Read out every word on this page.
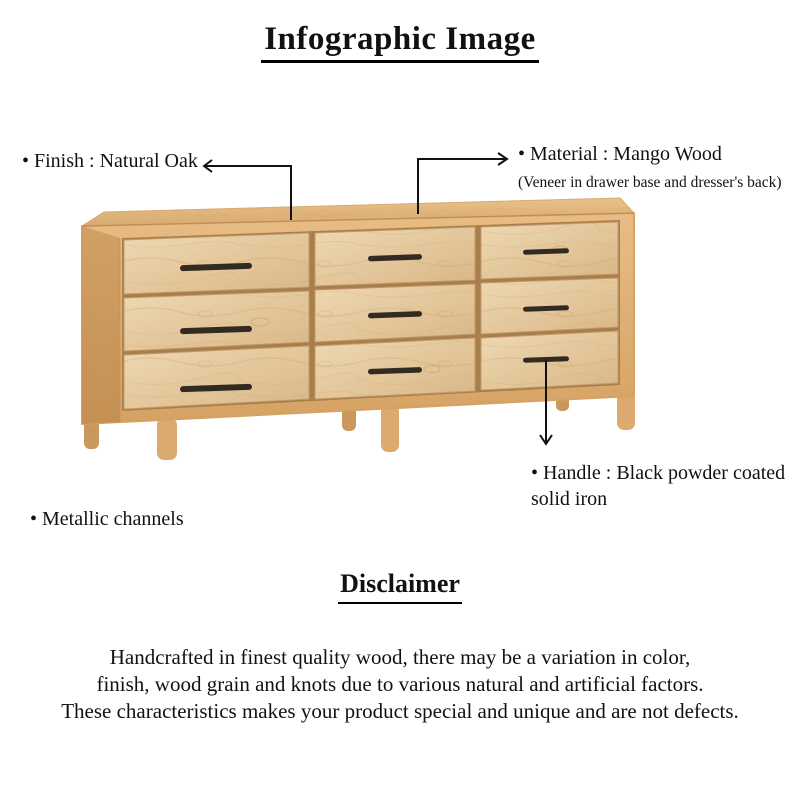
Infographic Image
• Finish : Natural Oak	• Material : Mango Wood
(Veneer in drawer base and dresser's back)
• Handle : Black powder coated
solid iron
• Metallic channels
Disclaimer
Handcrafted in finest quality wood, there may be a variation in color,
finish, wood grain and knots due to various natural and artificial factors.
These characteristics makes your product special and unique and are not defects.
